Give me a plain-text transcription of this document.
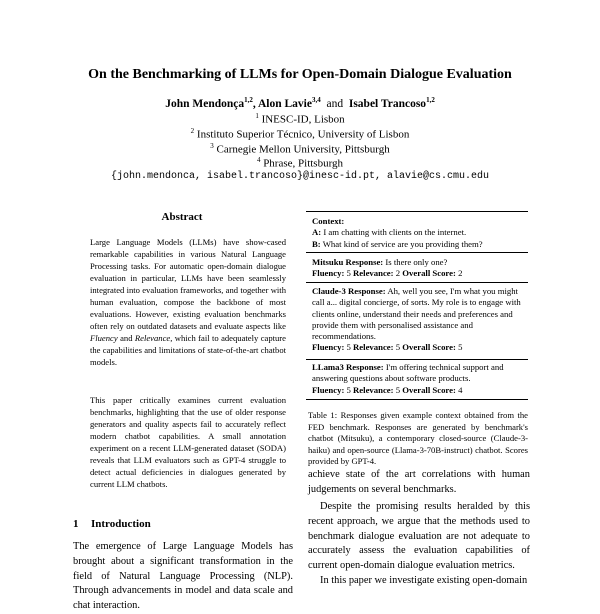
On the Benchmarking of LLMs for Open-Domain Dialogue Evaluation
John Mendonça$^{1,2}$, Alon Lavie$^{3,4}$ and Isabel Trancoso$^{1,2}$
$^1$ INESC-ID, Lisbon
$^2$ Instituto Superior Técnico, University of Lisbon
$^3$ Carnegie Mellon University, Pittsburgh
$^4$ Phrase, Pittsburgh
{john.mendonca, isabel.trancoso}@inesc-id.pt, alavie@cs.cmu.edu
Abstract

Large Language Models (LLMs) have show-cased remarkable capabilities in various Natural Language Processing tasks. For automatic open-domain dialogue evaluation in particular, LLMs have been seamlessly integrated into evaluation frameworks, and together with human evaluation, compose the backbone of most evaluations. However, existing evaluation benchmarks often rely on outdated datasets and evaluate aspects like Fluency and Relevance, which fail to adequately capture the capabilities and limitations of state-of-the-art chatbot models.

This paper critically examines current evaluation benchmarks, highlighting that the use of older response generators and quality aspects fail to accurately reflect modern chatbot capabilities. A small annotation experiment on a recent LLM-generated dataset (SODA) reveals that LLM evaluators such as GPT-4 struggle to detect actual deficiencies in dialogues generated by current LLM chatbots.

1 Introduction

The emergence of Large Language Models has brought about a significant transformation in the field of Natural Language Processing (NLP). Through advancements in model and data scale and chat interaction.

Context:
A: I am chatting with clients on the internet.
B: What kind of service are you providing them?
Mitsuku Response: Is there only one?
Fluency: 5 Relevance: 2 Overall Score: 2
Claude-3 Response: Ah, well you see, I'm what you might call a... digital concierge, of sorts. My role is to engage with clients online, understand their needs and preferences and provide them with personalised assistance and recommendations.
Fluency: 5 Relevance: 5 Overall Score: 5
LLama3 Response: I'm offering technical support and answering questions about software products.
Fluency: 5 Relevance: 5 Overall Score: 4

Table 1: Responses given example context obtained from the FED benchmark. Responses are generated by benchmark's chatbot (Mitsuku), a contemporary closed-source (Claude-3-haiku) and open-source (Llama-3-70B-instruct) chatbot. Scores provided by GPT-4.

achieve state of the art correlations with human judgements on several benchmarks.

Despite the promising results heralded by this recent approach, we argue that the methods used to benchmark dialogue evaluation are not adequate to accurately assess the evaluation capabilities of current open-domain dialogue evaluation metrics.

In this paper we investigate existing open-domain
